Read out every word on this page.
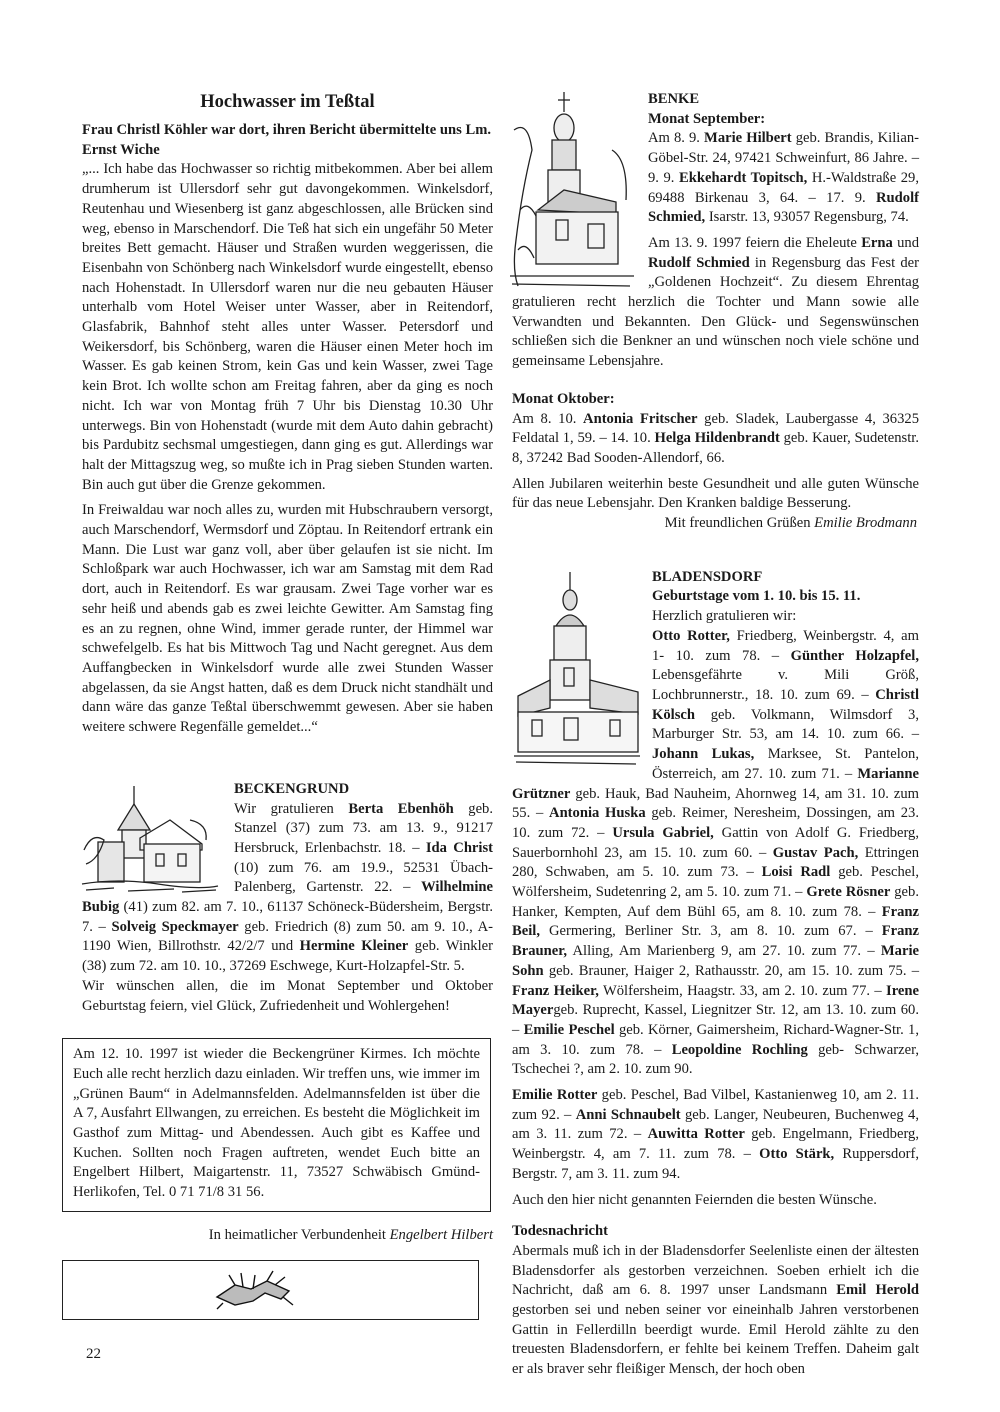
Hochwasser im Teßtal

Frau Christl Köhler war dort, ihren Bericht übermittelte uns Lm. Ernst Wiche

„... Ich habe das Hochwasser so richtig mitbekommen. Aber bei allem drumherum ist Ullersdorf sehr gut davongekommen. Winkelsdorf, Reutenhau und Wiesenberg ist ganz abgeschlossen, alle Brücken sind weg, ebenso in Marschendorf. Die Teß hat sich ein ungefähr 50 Meter breites Bett gemacht. Häuser und Straßen wurden weggerissen, die Eisenbahn von Schönberg nach Winkelsdorf wurde eingestellt, ebenso nach Hohenstadt. In Ullersdorf waren nur die neu gebauten Häuser unterhalb vom Hotel Weiser unter Wasser, aber in Reitendorf, Glasfabrik, Bahnhof steht alles unter Wasser. Petersdorf und Weikersdorf, bis Schönberg, waren die Häuser einen Meter hoch im Wasser. Es gab keinen Strom, kein Gas und kein Wasser, zwei Tage kein Brot. Ich wollte schon am Freitag fahren, aber da ging es noch nicht. Ich war von Montag früh 7 Uhr bis Dienstag 10.30 Uhr unterwegs. Bin von Hohenstadt (wurde mit dem Auto dahin gebracht) bis Pardubitz sechsmal umgestiegen, dann ging es gut. Allerdings war halt der Mittagszug weg, so mußte ich in Prag sieben Stunden warten. Bin auch gut über die Grenze gekommen.

In Freiwaldau war noch alles zu, wurden mit Hubschraubern versorgt, auch Marschendorf, Wermsdorf und Zöptau. In Reitendorf ertrank ein Mann. Die Lust war ganz voll, aber über gelaufen ist sie nicht. Im Schloßpark war auch Hochwasser, ich war am Samstag mit dem Rad dort, auch in Reitendorf. Es war grausam. Zwei Tage vorher war es sehr heiß und abends gab es zwei leichte Gewitter. Am Samstag fing es an zu regnen, ohne Wind, immer gerade runter, der Himmel war schwefelgelb. Es hat bis Mittwoch Tag und Nacht geregnet. Aus dem Auffangbecken in Winkelsdorf wurde alle zwei Stunden Wasser abgelassen, da sie Angst hatten, daß es dem Druck nicht standhält und dann wäre das ganze Teßtal überschwemmt gewesen. Aber sie haben weitere schwere Regenfälle gemeldet...“

BECKENGRUND

Wir gratulieren Berta Ebenhöh geb. Stanzel (37) zum 73. am 13. 9., 91217 Hersbruck, Erlenbachstr. 18. – Ida Christ (10) zum 76. am 19.9., 52531 Übach-Palenberg, Gartenstr. 22. – Wilhelmine Bubig (41) zum 82. am 7. 10., 61137 Schöneck-Büdersheim, Bergstr. 7. – Solveig Speckmayer geb. Friedrich (8) zum 50. am 9. 10., A-1190 Wien, Billrothstr. 42/2/7 und Hermine Kleiner geb. Winkler (38) zum 72. am 10. 10., 37269 Eschwege, Kurt-Holzapfel-Str. 5.

Wir wünschen allen, die im Monat September und Oktober Geburtstag feiern, viel Glück, Zufriedenheit und Wohlergehen!

Am 12. 10. 1997 ist wieder die Beckengrüner Kirmes. Ich möchte Euch alle recht herzlich dazu einladen. Wir treffen uns, wie immer im „Grünen Baum“ in Adelmannsfelden. Adelmannsfelden ist über die A 7, Ausfahrt Ellwangen, zu erreichen. Es besteht die Möglichkeit im Gasthof zum Mittag- und Abendessen. Auch gibt es Kaffee und Kuchen. Sollten noch Fragen auftreten, wendet Euch bitte an Engelbert Hilbert, Maigartenstr. 11, 73527 Schwäbisch Gmünd-Herlikofen, Tel. 0 71 71/8 31 56.

In heimatlicher Verbundenheit Engelbert Hilbert

BENKE
Monat September:

Am 8. 9. Marie Hilbert geb. Brandis, Kilian-Göbel-Str. 24, 97421 Schweinfurt, 86 Jahre. – 9. 9. Ekkehardt Topitsch, H.-Waldstraße 29, 69488 Birkenau 3, 64. – 17. 9. Rudolf Schmied, Isarstr. 13, 93057 Regensburg, 74.

Am 13. 9. 1997 feiern die Eheleute Erna und Rudolf Schmied in Regensburg das Fest der „Goldenen Hochzeit“. Zu diesem Ehrentag gratulieren recht herzlich die Tochter und Mann sowie alle Verwandten und Bekannten. Den Glück- und Segenswünschen schließen sich die Benkner an und wünschen noch viele schöne und gemeinsame Lebensjahre.

Monat Oktober:

Am 8. 10. Antonia Fritscher geb. Sladek, Laubergasse 4, 36325 Feldatal 1, 59. – 14. 10. Helga Hildenbrandt geb. Kauer, Sudetenstr. 8, 37242 Bad Sooden-Allendorf, 66.

Allen Jubilaren weiterhin beste Gesundheit und alle guten Wünsche für das neue Lebensjahr. Den Kranken baldige Besserung.

Mit freundlichen Grüßen Emilie Brodmann

BLADENSDORF
Geburtstage vom 1. 10. bis 15. 11.
Herzlich gratulieren wir:

Otto Rotter, Friedberg, Weinbergstr. 4, am 1- 10. zum 78. – Günther Holzapfel, Lebensgefährte v. Mili Größ, Lochbrunnerstr., 18. 10. zum 69. – Christl Kölsch geb. Volkmann, Wilmsdorf 3, Marburger Str. 53, am 14. 10. zum 66. – Johann Lukas, Marksee, St. Pantelon, Österreich, am 27. 10. zum 71. – Marianne Grützner geb. Hauk, Bad Nauheim, Ahornweg 14, am 31. 10. zum 55. – Antonia Huska geb. Reimer, Neresheim, Dossingen, am 23. 10. zum 72. – Ursula Gabriel, Gattin von Adolf G. Friedberg, Sauerbornhohl 23, am 15. 10. zum 60. – Gustav Pach, Ettringen 280, Schwaben, am 5. 10. zum 73. – Loisi Radl geb. Peschel, Wölfersheim, Sudetenring 2, am 5. 10. zum 71. – Grete Rösner geb. Hanker, Kempten, Auf dem Bühl 65, am 8. 10. zum 78. – Franz Beil, Germering, Berliner Str. 3, am 8. 10. zum 67. – Franz Brauner, Alling, Am Marienberg 9, am 27. 10. zum 77. – Marie Sohn geb. Brauner, Haiger 2, Rathausstr. 20, am 15. 10. zum 75. – Franz Heiker, Wölfersheim, Haagstr. 33, am 2. 10. zum 77. – Irene Mayergeb. Ruprecht, Kassel, Liegnitzer Str. 12, am 13. 10. zum 60. – Emilie Peschel geb. Körner, Gaimersheim, Richard-Wagner-Str. 1, am 3. 10. zum 78. – Leopoldine Rochling geb- Schwarzer, Tschechei ?, am 2. 10. zum 90.

Emilie Rotter geb. Peschel, Bad Vilbel, Kastanienweg 10, am 2. 11. zum 92. – Anni Schnaubelt geb. Langer, Neubeuren, Buchenweg 4, am 3. 11. zum 72. – Auwitta Rotter geb. Engelmann, Friedberg, Weinbergstr. 4, am 7. 11. zum 78. – Otto Stärk, Ruppersdorf, Bergstr. 7, am 3. 11. zum 94.

Auch den hier nicht genannten Feiernden die besten Wünsche.

Todesnachricht

Abermals muß ich in der Bladensdorfer Seelenliste einen der ältesten Bladensdorfer als gestorben verzeichnen. Soeben erhielt ich die Nachricht, daß am 6. 8. 1997 unser Landsmann Emil Herold gestorben sei und neben seiner vor eineinhalb Jahren verstorbenen Gattin in Fellerdilln beerdigt wurde. Emil Herold zählte zu den treuesten Bladensdorfern, er fehlte bei keinem Treffen. Daheim galt er als braver sehr fleißiger Mensch, der hoch oben

22
